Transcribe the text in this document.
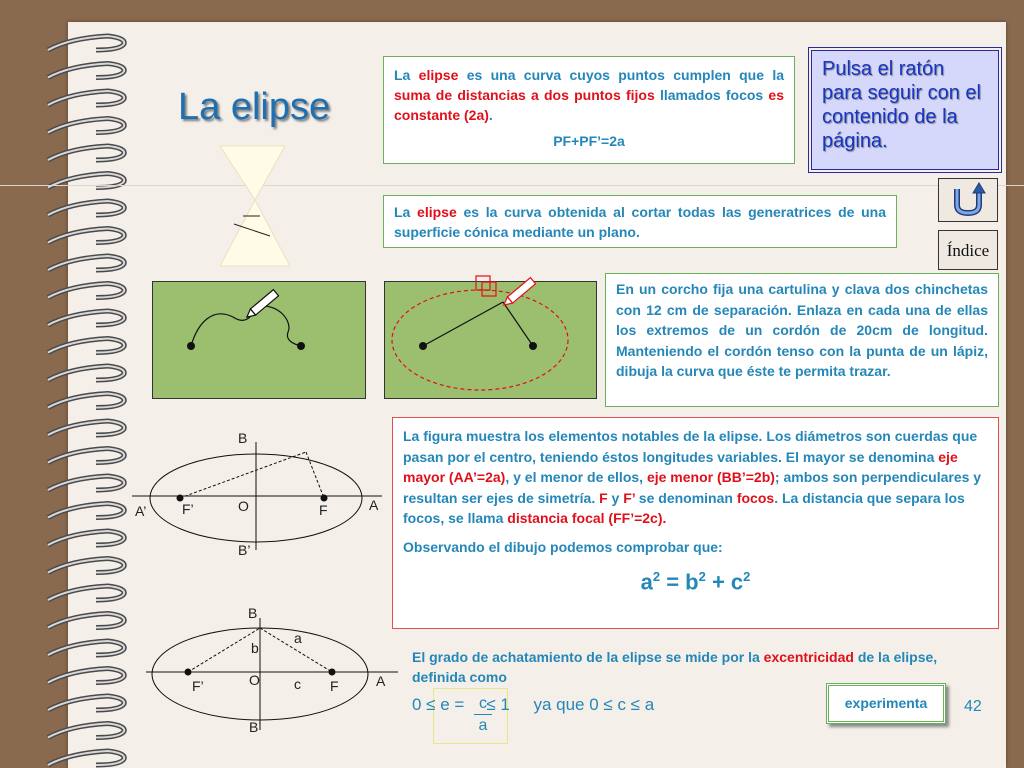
La elipse
La elipse es una curva cuyos puntos cumplen que la suma de distancias a dos puntos fijos llamados focos es constante (2a).
PF+PF’=2a
Pulsa el ratón para seguir con el contenido de la página.
La elipse es la curva obtenida al cortar todas las generatrices de una superficie cónica mediante un plano.
Índice
En un corcho fija una cartulina y clava dos chinchetas con 12 cm de separación. Enlaza en cada una de ellas los extremos de un cordón de 20cm de longitud. Manteniendo el cordón tenso con la punta de un lápiz, dibuja la curva que éste te permita trazar.
B
A’	F’	O	F	A
B’
La figura muestra los elementos notables de la elipse. Los diámetros son cuerdas que pasan por el centro, teniendo éstos longitudes variables. El mayor se denomina eje mayor (AA’=2a), y el menor de ellos, eje menor (BB’=2b); ambos son perpendiculares y resultan ser ejes de simetría. F y F’ se denominan focos. La distancia que separa los focos, se llama distancia focal (FF’=2c).
Observando el dibujo podemos comprobar que:
$a^2 = b^2 + c^2$
B
b
a
F’	O c F	A
B’
El grado de achatamiento de la elipse se mide por la excentricidad de la elipse, definida como
0 ≤ e = ≤ 1     ya que 0 ≤ c ≤ a
$\frac{c}{a}$	experimenta	42
